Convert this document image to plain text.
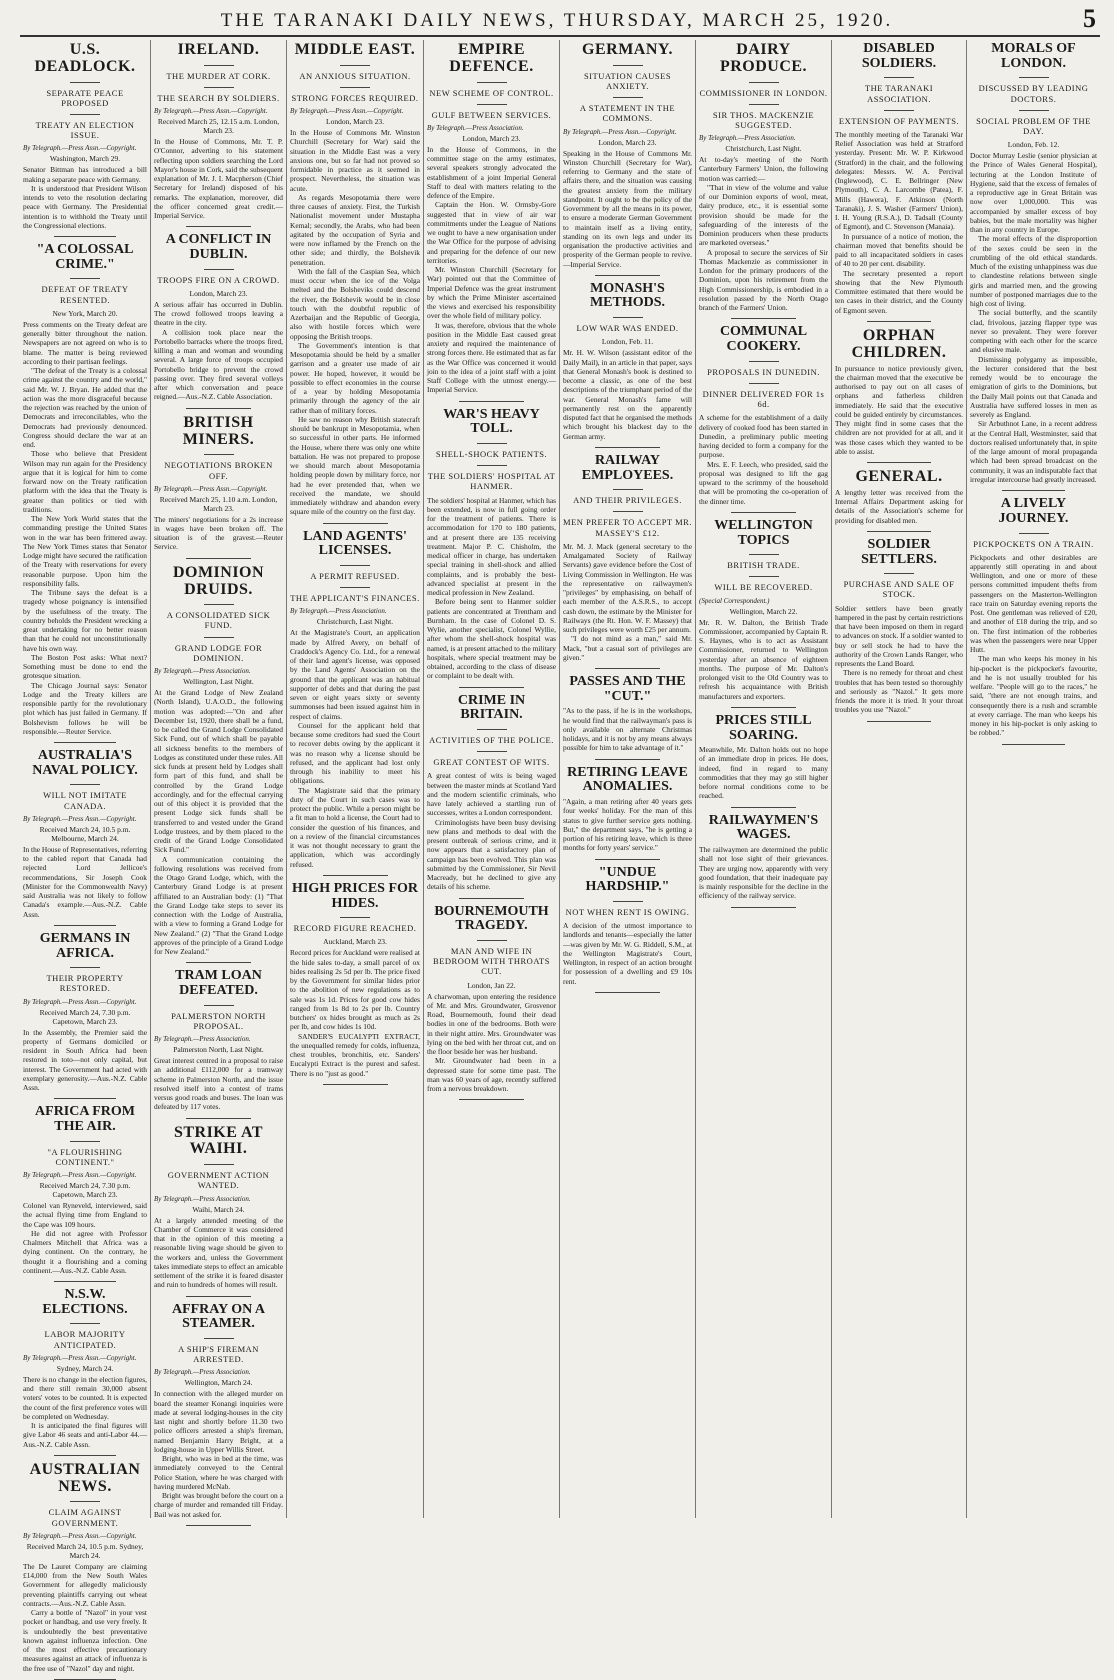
THE TARANAKI DAILY NEWS, THURSDAY, MARCH 25, 1920.	5
U.S. DEADLOCK.
SEPARATE PEACE PROPOSED
TREATY AN ELECTION ISSUE.
By Telegraph.—Press Assn.—Copyright.
Washington, March 29.

Senator Bittman has introduced a bill making a separate peace with Germany.

It is understood that President Wilson intends to veto the resolution declaring peace with Germany. The Presidential intention is to withhold the Treaty until the Congressional elections.

"A COLOSSAL CRIME."
DEFEAT OF TREATY RESENTED.
New York, March 20.

Press comments on the Treaty defeat are generally bitter throughout the nation. Newspapers are not agreed on who is to blame. The matter is being reviewed according to their partisan feelings.

"The defeat of the Treaty is a colossal crime against the country and the world," said Mr. W. J. Bryan. He added that the action was the more disgraceful because the rejection was reached by the union of Democrats and irreconcilables, who the Democrats had previously denounced. Congress should declare the war at an end.

Those who believe that President Wilson may run again for the Presidency argue that it is logical for him to come forward now on the Treaty ratification platform with the idea that the Treaty is greater than politics or tied with traditions.

The New York World states that the commanding prestige the United States won in the war has been frittered away. The New York Times states that Senator Lodge might have secured the ratification of the Treaty with reservations for every reasonable purpose. Upon him the responsibility falls.

The Tribune says the defeat is a tragedy whose poignancy is intensified by the usefulness of the treaty. The country beholds the President wrecking a great undertaking for no better reason than that he could not unconstitutionally have his own way.

The Boston Post asks: What next? Something must be done to end the grotesque situation.

The Chicago Journal says: Senator Lodge and the Treaty killers are responsible partly for the revolutionary plot which has just failed in Germany. If Bolshevism follows he will be responsible.—Reuter Service.

AUSTRALIA'S NAVAL POLICY.
WILL NOT IMITATE CANADA.
By Telegraph.—Press Assn.—Copyright.
Received March 24, 10.5 p.m. Melbourne, March 24.

In the House of Representatives, referring to the cabled report that Canada had rejected Lord Jellicoe's recommendations, Sir Joseph Cook (Minister for the Commonwealth Navy) said Australia was not likely to follow Canada's example.—Aus.-N.Z. Cable Assn.

GERMANS IN AFRICA.
THEIR PROPERTY RESTORED.
By Telegraph.—Press Assn.—Copyright.
Received March 24, 7.30 p.m. Capetown, March 23.

In the Assembly, the Premier said the property of Germans domiciled or resident in South Africa had been restored in toto—not only capital, but interest. The Government had acted with exemplary generosity.—Aus.-N.Z. Cable Assn.

AFRICA FROM THE AIR.
"A FLOURISHING CONTINENT."
By Telegraph.—Press Assn.—Copyright.
Received March 24, 7.30 p.m. Capetown, March 23.

Colonel van Ryneveld, interviewed, said the actual flying time from England to the Cape was 109 hours.

He did not agree with Professor Chalmers Mitchell that Africa was a dying continent. On the contrary, he thought it a flourishing and a coming continent.—Aus.-N.Z. Cable Assn.

N.S.W. ELECTIONS.
LABOR MAJORITY ANTICIPATED.
By Telegraph.—Press Assn.—Copyright.
Sydney, March 24.

There is no change in the election figures, and there still remain 30,000 absent voters' votes to be counted. It is expected the count of the first preference votes will be completed on Wednesday.

It is anticipated the final figures will give Labor 46 seats and anti-Labor 44.—Aus.-N.Z. Cable Assn.

AUSTRALIAN NEWS.
CLAIM AGAINST GOVERNMENT.
By Telegraph.—Press Assn.—Copyright.
Received March 24, 10.5 p.m. Sydney, March 24.

The De Lauret Company are claiming £14,000 from the New South Wales Government for allegedly maliciously preventing plaintiffs carrying out wheat contracts.—Aus.-N.Z. Cable Assn.

Carry a bottle of "Nazol" in your vest pocket or handbag, and use very freely. It is undoubtedly the best preventative known against influenza infection. One of the most effective precautionary measures against an attack of influenza is the free use of "Nazol" day and night.

IRELAND.
THE MURDER AT CORK.
THE SEARCH BY SOLDIERS.
By Telegraph.—Press Assn.—Copyright.
Received March 25, 12.15 a.m. London, March 23.

In the House of Commons, Mr. T. P. O'Connor, adverting to his statement reflecting upon soldiers searching the Lord Mayor's house in Cork, said the subsequent explanation of Mr. J. I. Macpherson (Chief Secretary for Ireland) disposed of his remarks. The explanation, moreover, did the officer concerned great credit.—Imperial Service.

A CONFLICT IN DUBLIN.
TROOPS FIRE ON A CROWD.
London, March 23.

A serious affair has occurred in Dublin. The crowd followed troops leaving a theatre in the city.

A collision took place near the Portobello barracks where the troops fired, killing a man and woman and wounding several. A large force of troops occupied Portobello bridge to prevent the crowd passing over. They fired several volleys after which conversation and peace reigned.—Aus.-N.Z. Cable Association.

BRITISH MINERS.
NEGOTIATIONS BROKEN OFF.
By Telegraph.—Press Assn.—Copyright.
Received March 25, 1.10 a.m. London, March 23.

The miners' negotiations for a 2s increase in wages have been broken off. The situation is of the gravest.—Reuter Service.

DOMINION DRUIDS.
A CONSOLIDATED SICK FUND.
GRAND LODGE FOR DOMINION.
By Telegraph.—Press Association.
Wellington, Last Night.

At the Grand Lodge of New Zealand (North Island), U.A.O.D., the following motion was adopted:—"On and after December 1st, 1920, there shall be a fund, to be called the Grand Lodge Consolidated Sick Fund, out of which shall be payable all sickness benefits to the members of Lodges as constituted under these rules. All sick funds at present held by Lodges shall form part of this fund, and shall be controlled by the Grand Lodge accordingly, and for the effectual carrying out of this object it is provided that the present Lodge sick funds shall be transferred to and vested under the Grand Lodge trustees, and by them placed to the credit of the Grand Lodge Consolidated Sick Fund."

A communication containing the following resolutions was received from the Otago Grand Lodge, which, with the Canterbury Grand Lodge is at present affiliated to an Australian body: (1) "That the Grand Lodge take steps to sever its connection with the Lodge of Australia, with a view to forming a Grand Lodge for New Zealand." (2) "That the Grand Lodge approves of the principle of a Grand Lodge for New Zealand."

TRAM LOAN DEFEATED.
PALMERSTON NORTH PROPOSAL.
By Telegraph.—Press Association.
Palmerston North, Last Night.

Great interest centred in a proposal to raise an additional £112,000 for a tramway scheme in Palmerston North, and the issue resolved itself into a contest of trams versus good roads and buses. The loan was defeated by 117 votes.

STRIKE AT WAIHI.
GOVERNMENT ACTION WANTED.
By Telegraph.—Press Association.
Waihi, March 24.

At a largely attended meeting of the Chamber of Commerce it was considered that in the opinion of this meeting a reasonable living wage should be given to the workers and, unless the Government takes immediate steps to effect an amicable settlement of the strike it is feared disaster and ruin to hundreds of homes will result.

AFFRAY ON A STEAMER.
A SHIP'S FIREMAN ARRESTED.
By Telegraph.—Press Association.
Wellington, March 24.

In connection with the alleged murder on board the steamer Konangi inquiries were made at several lodging-houses in the city last night and shortly before 11.30 two police officers arrested a ship's fireman, named Benjamin Harry Bright, at a lodging-house in Upper Willis Street.

Bright, who was in bed at the time, was immediately conveyed to the Central Police Station, where he was charged with having murdered McNab.

Bright was brought before the court on a charge of murder and remanded till Friday. Bail was not asked for.

MIDDLE EAST.
AN ANXIOUS SITUATION.
STRONG FORCES REQUIRED.
By Telegraph.—Press Assn.—Copyright.
London, March 23.

In the House of Commons Mr. Winston Churchill (Secretary for War) said the situation in the Middle East was a very anxious one, but so far had not proved so formidable in practice as it seemed in prospect. Nevertheless, the situation was acute.

As regards Mesopotamia there were three causes of anxiety. First, the Turkish Nationalist movement under Mustapha Kemal; secondly, the Arabs, who had been agitated by the occupation of Syria and were now inflamed by the French on the other side; and thirdly, the Bolshevik penetration.

With the fall of the Caspian Sea, which must occur when the ice of the Volga melted and the Bolsheviks could descend the river, the Bolshevik would be in close touch with the doubtful republic of Azerbaijan and the Republic of Georgia, also with hostile forces which were opposing the British troops.

The Government's intention is that Mesopotamia should be held by a smaller garrison and a greater use made of air power. He hoped, however, it would be possible to effect economies in the course of a year by holding Mesopotamia primarily through the agency of the air rather than of military forces.

He saw no reason why British statecraft should be bankrupt in Mesopotamia, when so successful in other parts. He informed the House, where there was only one white battalion. He was not prepared to propose we should march about Mesopotamia holding people down by military force, nor had he ever pretended that, when we received the mandate, we should immediately withdraw and abandon every square mile of the country on the first day.

LAND AGENTS' LICENSES.
A PERMIT REFUSED.
THE APPLICANT'S FINANCES.
By Telegraph.—Press Association.
Christchurch, Last Night.

At the Magistrate's Court, an application made by Alfred Avery, on behalf of Craddock's Agency Co. Ltd., for a renewal of their land agent's license, was opposed by the Land Agents' Association on the ground that the applicant was an habitual supporter of debts and that during the past seven or eight years sixty or seventy summonses had been issued against him in respect of claims.

Counsel for the applicant held that because some creditors had sued the Court to recover debts owing by the applicant it was no reason why a license should be refused, and the applicant had lost only through his inability to meet his obligations.

The Magistrate said that the primary duty of the Court in such cases was to protect the public. While a person might be a fit man to hold a license, the Court had to consider the question of his finances, and on a review of the financial circumstances it was not thought necessary to grant the application, which was accordingly refused.

HIGH PRICES FOR HIDES.
RECORD FIGURE REACHED.
Auckland, March 23.

Record prices for Auckland were realised at the hide sales to-day, a small parcel of ox hides realising 2s 5d per lb. The price fixed by the Government for similar hides prior to the abolition of new regulations as to sale was 1s 1d. Prices for good cow hides ranged from 1s 8d to 2s per lb. Country butchers' ox hides brought as much as 2s per lb, and cow hides 1s 10d.

SANDER'S EUCALYPTI EXTRACT, the unequalled remedy for colds, influenza, chest troubles, bronchitis, etc. Sanders' Eucalypti Extract is the purest and safest. There is no "just as good."

EMPIRE DEFENCE.
NEW SCHEME OF CONTROL.
GULF BETWEEN SERVICES.
By Telegraph.—Press Association.
London, March 23.

In the House of Commons, in the committee stage on the army estimates, several speakers strongly advocated the establishment of a joint Imperial General Staff to deal with matters relating to the defence of the Empire.

Captain the Hon. W. Ormsby-Gore suggested that in view of air war commitments under the League of Nations we ought to have a new organisation under the War Office for the purpose of advising and preparing for the defence of our new territories.

Mr. Winston Churchill (Secretary for War) pointed out that the Committee of Imperial Defence was the great instrument by which the Prime Minister ascertained the views and exercised his responsibility over the whole field of military policy.

It was, therefore, obvious that the whole position in the Middle East caused great anxiety and required the maintenance of strong forces there. He estimated that as far as the War Office was concerned it would join to the idea of a joint staff with a joint Staff College with the utmost energy.—Imperial Service.

WAR'S HEAVY TOLL.
SHELL-SHOCK PATIENTS.
THE SOLDIERS' HOSPITAL AT HANMER.

The soldiers' hospital at Hanmer, which has been extended, is now in full going order for the treatment of patients. There is accommodation for 170 to 180 patients, and at present there are 135 receiving treatment. Major P. C. Chisholm, the medical officer in charge, has undertaken special training in shell-shock and allied complaints, and is probably the best-advanced specialist at present in the medical profession in New Zealand.

Before being sent to Hanmer soldier patients are concentrated at Trentham and Burnham. In the case of Colonel D. S. Wylie, another specialist, Colonel Wyllie, after whom the shell-shock hospital was named, is at present attached to the military hospitals, where special treatment may be obtained, according to the class of disease or complaint to be dealt with.

CRIME IN BRITAIN.
ACTIVITIES OF THE POLICE.
GREAT CONTEST OF WITS.

A great contest of wits is being waged between the master minds at Scotland Yard and the modern scientific criminals, who have lately achieved a startling run of successes, writes a London correspondent.

Criminologists have been busy devising new plans and methods to deal with the present outbreak of serious crime, and it now appears that a satisfactory plan of campaign has been evolved. This plan was submitted by the Commissioner, Sir Nevil Macready, but he declined to give any details of his scheme.

BOURNEMOUTH TRAGEDY.
MAN AND WIFE IN BEDROOM WITH THROATS CUT.
London, Jan 22.

A charwoman, upon entering the residence of Mr. and Mrs. Groundwater, Grosvenor Road, Bournemouth, found their dead bodies in one of the bedrooms. Both were in their night attire. Mrs. Groundwater was lying on the bed with her throat cut, and on the floor beside her was her husband.

Mr. Groundwater had been in a depressed state for some time past. The man was 60 years of age, recently suffered from a nervous breakdown.

GERMANY.
SITUATION CAUSES ANXIETY.
A STATEMENT IN THE COMMONS.
By Telegraph.—Press Assn.—Copyright.
London, March 23.

Speaking in the House of Commons Mr. Winston Churchill (Secretary for War), referring to Germany and the state of affairs there, and the situation was causing the greatest anxiety from the military standpoint. It ought to be the policy of the Government by all the means in its power, to ensure a moderate German Government to maintain itself as a living entity, standing on its own legs and under its organisation the productive activities and prosperity of the German people to revive.—Imperial Service.

MONASH'S METHODS.
LOW WAR WAS ENDED.
London, Feb. 11.

Mr. H. W. Wilson (assistant editor of the Daily Mail), in an article in that paper, says that General Monash's book is destined to become a classic, as one of the best descriptions of the triumphant period of the war. General Monash's fame will permanently rest on the apparently disputed fact that he organised the methods which brought his blackest day to the German army.

RAILWAY EMPLOYEES.
AND THEIR PRIVILEGES.
MEN PREFER TO ACCEPT MR. MASSEY'S £12.

Mr. M. J. Mack (general secretary to the Amalgamated Society of Railway Servants) gave evidence before the Cost of Living Commission in Wellington. He was the representative on railwaymen's "privileges" by emphasising, on behalf of each member of the A.S.R.S., to accept cash down, the estimate by the Minister for Railways (the Rt. Hon. W. F. Massey) that such privileges were worth £25 per annum.

"I do not mind as a man," said Mr. Mack, "but a casual sort of privileges are given."

PASSES AND THE "CUT."

"As to the pass, if he is in the workshops, he would find that the railwayman's pass is only available on alternate Christmas holidays, and it is not by any means always possible for him to take advantage of it."

RETIRING LEAVE ANOMALIES.

"Again, a man retiring after 40 years gets four weeks' holiday. For the man of this status to give further service gets nothing. But," the department says, "he is getting a portion of his retiring leave, which is three months for forty years' service."

"UNDUE HARDSHIP."
NOT WHEN RENT IS OWING.

A decision of the utmost importance to landlords and tenants—especially the latter—was given by Mr. W. G. Riddell, S.M., at the Wellington Magistrate's Court, Wellington, in respect of an action brought for possession of a dwelling and £9 10s rent.

DAIRY PRODUCE.
COMMISSIONER IN LONDON.
SIR THOS. MACKENZIE SUGGESTED.
By Telegraph.—Press Association.
Christchurch, Last Night.

At to-day's meeting of the North Canterbury Farmers' Union, the following motion was carried:—

"That in view of the volume and value of our Dominion exports of wool, meat, dairy produce, etc., it is essential some provision should be made for the safeguarding of the interests of the Dominion producers when these products are marketed overseas."

A proposal to secure the services of Sir Thomas Mackenzie as commissioner in London for the primary producers of the Dominion, upon his retirement from the High Commissionership, is embodied in a resolution passed by the North Otago branch of the Farmers' Union.

COMMUNAL COOKERY.
PROPOSALS IN DUNEDIN.
DINNER DELIVERED FOR 1s 6d.

A scheme for the establishment of a daily delivery of cooked food has been started in Dunedin, a preliminary public meeting having decided to form a company for the purpose.

Mrs. E. F. Leech, who presided, said the proposal was designed to lift the gag upward to the scrimmy of the household that will be promoting the co-operation of the dinner time.

WELLINGTON TOPICS
BRITISH TRADE.
WILL BE RECOVERED.
(Special Correspondent.)
Wellington, March 22.

Mr. R. W. Dalton, the British Trade Commissioner, accompanied by Captain R. S. Haynes, who is to act as Assistant Commissioner, returned to Wellington yesterday after an absence of eighteen months. The purpose of Mr. Dalton's prolonged visit to the Old Country was to refresh his acquaintance with British manufacturers and exporters.

PRICES STILL SOARING.

Meanwhile, Mr. Dalton holds out no hope of an immediate drop in prices. He does, indeed, find in regard to many commodities that they may go still higher before normal conditions come to be reached.

RAILWAYMEN'S WAGES.

The railwaymen are determined the public shall not lose sight of their grievances. They are urging now, apparently with very good foundation, that their inadequate pay is mainly responsible for the decline in the efficiency of the railway service.

DISABLED SOLDIERS.
THE TARANAKI ASSOCIATION.
EXTENSION OF PAYMENTS.

The monthly meeting of the Taranaki War Relief Association was held at Stratford yesterday. Present: Mr. W. P. Kirkwood (Stratford) in the chair, and the following delegates: Messrs. W. A. Percival (Inglewood), C. E. Bellringer (New Plymouth), C. A. Larcombe (Patea), F. Mills (Hawera), F. Atkinson (North Taranaki), J. S. Washer (Farmers' Union), I. H. Young (R.S.A.), D. Tadsall (County of Egmont), and C. Stevenson (Manaia).

In pursuance of a notice of motion, the chairman moved that benefits should be paid to all incapacitated soldiers in cases of 40 to 20 per cent. disability.

The secretary presented a report showing that the New Plymouth Committee estimated that there would be ten cases in their district, and the County of Egmont seven.

ORPHAN CHILDREN.

In pursuance to notice previously given, the chairman moved that the executive be authorised to pay out on all cases of orphans and fatherless children immediately. He said that the executive could be guided entirely by circumstances. They might find in some cases that the children are not provided for at all, and it was those cases which they wanted to be able to assist.

GENERAL.

A lengthy letter was received from the Internal Affairs Department asking for details of the Association's scheme for providing for disabled men.

SOLDIER SETTLERS.
PURCHASE AND SALE OF STOCK.

Soldier settlers have been greatly hampered in the past by certain restrictions that have been imposed on them in regard to advances on stock. If a soldier wanted to buy or sell stock he had to have the authority of the Crown Lands Ranger, who represents the Land Board.

There is no remedy for throat and chest troubles that has been tested so thoroughly and seriously as "Nazol." It gets more friends the more it is tried. It your throat troubles you use "Nazol."

MORALS OF LONDON.
DISCUSSED BY LEADING DOCTORS.
SOCIAL PROBLEM OF THE DAY.
London, Feb. 12.

Doctor Murray Leslie (senior physician at the Prince of Wales General Hospital), lecturing at the London Institute of Hygiene, said that the excess of females of a reproductive age in Great Britain was now over 1,000,000. This was accompanied by smaller excess of boy babies, but the male mortality was higher than in any country in Europe.

The moral effects of the disproportion of the sexes could be seen in the crumbling of the old ethical standards. Much of the existing unhappiness was due to clandestine relations between single girls and married men, and the growing number of postponed marriages due to the high cost of living.

The social butterfly, and the scantily clad, frivolous, jazzing flapper type was never so prevalent. They were forever competing with each other for the scarce and elusive male.

Dismissing polygamy as impossible, the lecturer considered that the best remedy would be to encourage the emigration of girls to the Dominions, but the Daily Mail points out that Canada and Australia have suffered losses in men as severely as England.

Sir Arbuthnot Lane, in a recent address at the Central Hall, Westminster, said that doctors realised unfortunately that, in spite of the large amount of moral propaganda which had been spread broadcast on the community, it was an indisputable fact that irregular intercourse had greatly increased.

A LIVELY JOURNEY.
PICKPOCKETS ON A TRAIN.

Pickpockets and other desirables are apparently still operating in and about Wellington, and one or more of these persons committed impudent thefts from passengers on the Masterton-Wellington race train on Saturday evening reports the Post. One gentleman was relieved of £20, and another of £18 during the trip, and so on. The first intimation of the robberies was when the passengers were near Upper Hutt.

The man who keeps his money in his hip-pocket is the pickpocket's favourite, and he is not usually troubled for his welfare. "People will go to the races," he said, "there are not enough trains, and consequently there is a rush and scramble at every carriage. The man who keeps his money in his hip-pocket is only asking to be robbed."
